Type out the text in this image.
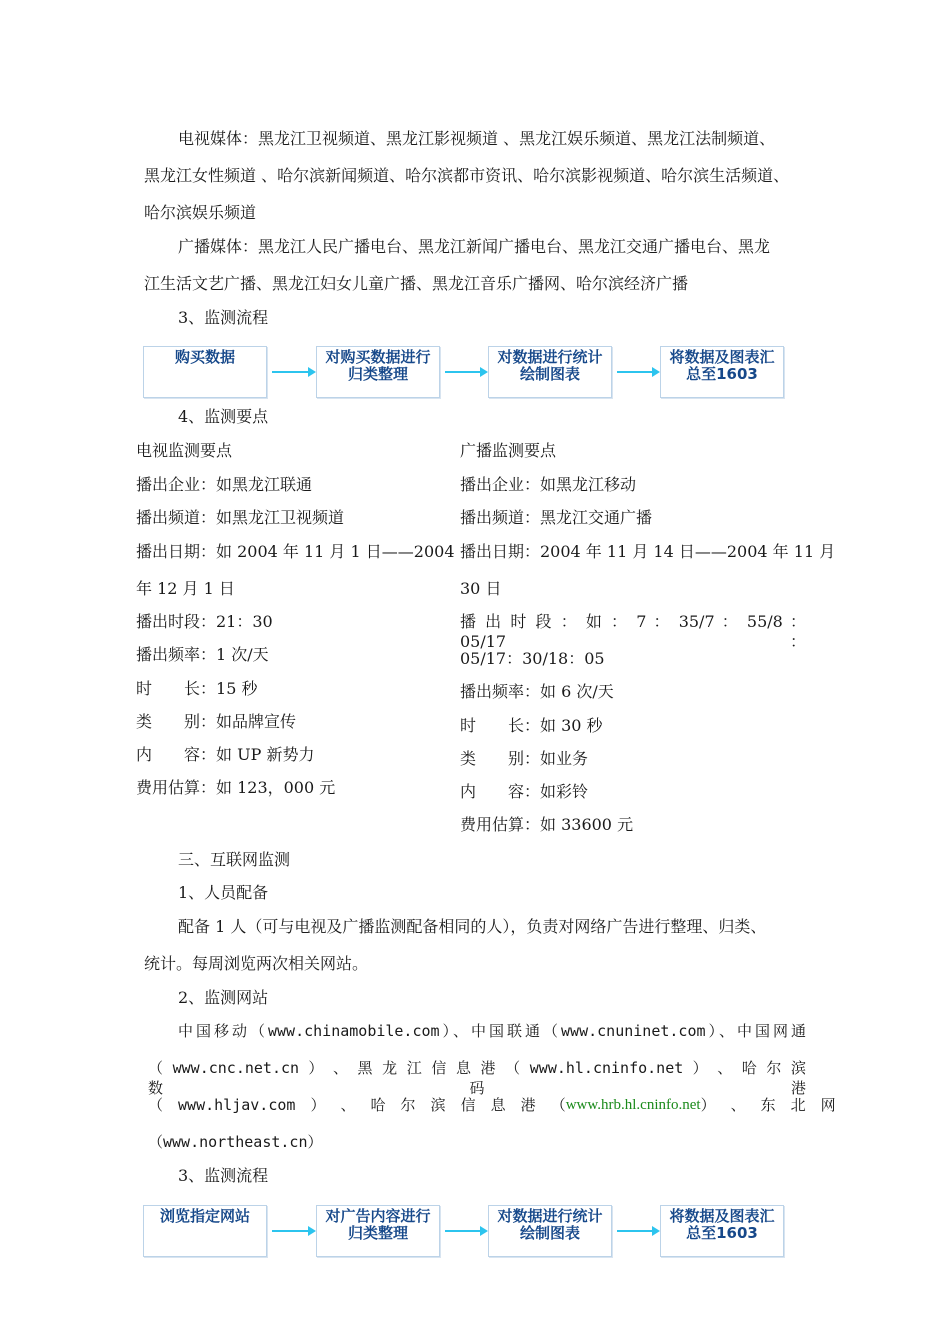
电视媒体：黑龙江卫视频道、黑龙江影视频道 、黑龙江娱乐频道、黑龙江法制频道、
黑龙江女性频道 、哈尔滨新闻频道、哈尔滨都市资讯、哈尔滨影视频道、哈尔滨生活频道、
哈尔滨娱乐频道
广播媒体：黑龙江人民广播电台、黑龙江新闻广播电台、黑龙江交通广播电台、黑龙
江生活文艺广播、黑龙江妇女儿童广播、黑龙江音乐广播网、哈尔滨经济广播
3、监测流程
购买数据	对购买数据进行
归类整理
对数据进行统计
绘制图表
将数据及图表汇
总至1603
4、监测要点
电视监测要点
播出企业：如黑龙江联通
播出频道：如黑龙江卫视频道
播出日期：如 2004 年 11 月 1 日——2004
年 12 月 1 日
播出时段：21：30
播出频率：1 次/天
时　　长：15 秒
类　　别：如品牌宣传
内　　容：如 UP 新势力
费用估算：如 123，000 元
广播监测要点
播出企业：如黑龙江移动
播出频道：黑龙江交通广播
播出日期：2004 年 11 月 14 日——2004 年 11 月
30 日
播 出 时 段 ： 如 ： 7 ： 35/7 ： 55/8 ： 05/17 ：
05/17：30/18：05
播出频率：如 6 次/天
时　　长：如 30 秒
类　　别：如业务
内　　容：如彩铃
费用估算：如 33600 元
三、互联网监测
1、人员配备
配备 1 人（可与电视及广播监测配备相同的人），负责对网络广告进行整理、归类、
统计。每周浏览两次相关网站。
2、监测网站
中国移动（www.chinamobile.com）、中国联通（www.cnuninet.com）、中国网通
（ www.cnc.net.cn ） 、 黑 龙 江 信 息 港 （ www.hl.cninfo.net ） 、 哈 尔 滨 数 码 港
（ www.hljav.com ） 、 哈 尔 滨 信 息 港 （ www.hrb.hl.cninfo.net ） 、 东 北 网
（www.northeast.cn）
3、监测流程
浏览指定网站	对广告内容进行
归类整理
对数据进行统计
绘制图表
将数据及图表汇
总至1603
